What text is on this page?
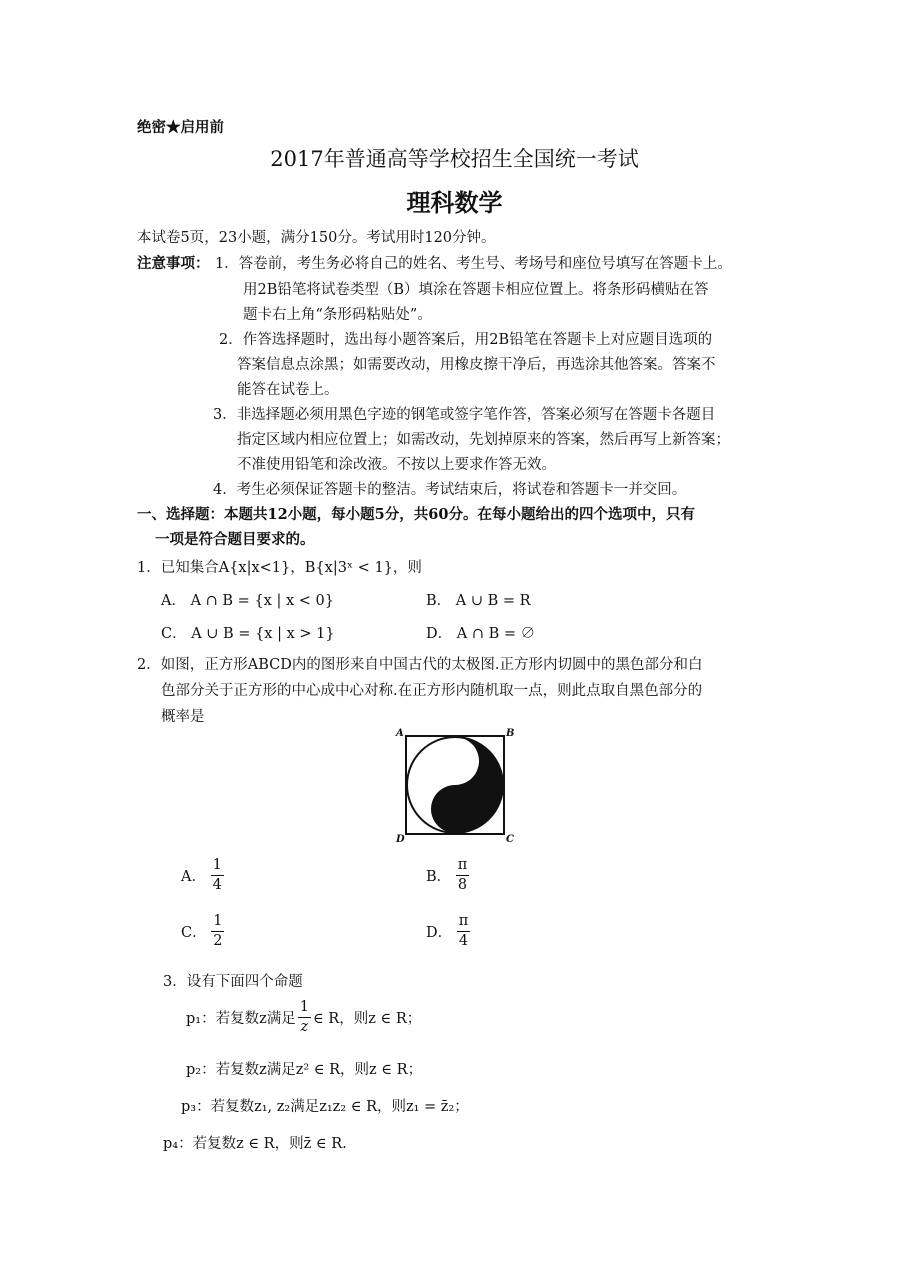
绝密★启用前
2017年普通高等学校招生全国统一考试
理科数学
本试卷5页，23小题，满分150分。考试用时120分钟。
注意事项： 1．答卷前，考生务必将自己的姓名、考生号、考场号和座位号填写在答题卡上。
用2B铅笔将试卷类型（B）填涂在答题卡相应位置上。将条形码横贴在答
题卡右上角“条形码粘贴处”。
2．作答选择题时，选出每小题答案后，用2B铅笔在答题卡上对应题目选项的
答案信息点涂黑；如需要改动，用橡皮擦干净后，再选涂其他答案。答案不
能答在试卷上。
3．非选择题必须用黑色字迹的钢笔或签字笔作答，答案必须写在答题卡各题目
指定区域内相应位置上；如需改动，先划掉原来的答案，然后再写上新答案；
不准使用铅笔和涂改液。不按以上要求作答无效。
4．考生必须保证答题卡的整洁。考试结束后，将试卷和答题卡一并交回。
一、选择题：本题共12小题，每小题5分，共60分。在每小题给出的四个选项中，只有
一项是符合题目要求的。
1．已知集合A{x|x<1}，B{x|3ˣ < 1}，则
A． A ∩ B = {x | x < 0}	B． A ∪ B = R
C． A ∪ B = {x | x > 1}	D． A ∩ B = ∅
2．如图，正方形ABCD内的图形来自中国古代的太极图.正方形内切圆中的黑色部分和白
色部分关于正方形的中心成中心对称.在正方形内随机取一点，则此点取自黑色部分的
概率是
A	B
C
D
A． $\frac{1}{4}$	B． $\frac{\pi}{8}$
C． $\frac{1}{2}$	D． $\frac{\pi}{4}$
3．设有下面四个命题
p₁：若复数z满足 $\frac{1}{z}$ ∈ R，则z ∈ R；
p₂：若复数z满足z² ∈ R，则z ∈ R；
p₃：若复数z₁, z₂满足z₁z₂ ∈ R，则z₁ = z̄₂；
p₄：若复数z ∈ R，则z̄ ∈ R.
